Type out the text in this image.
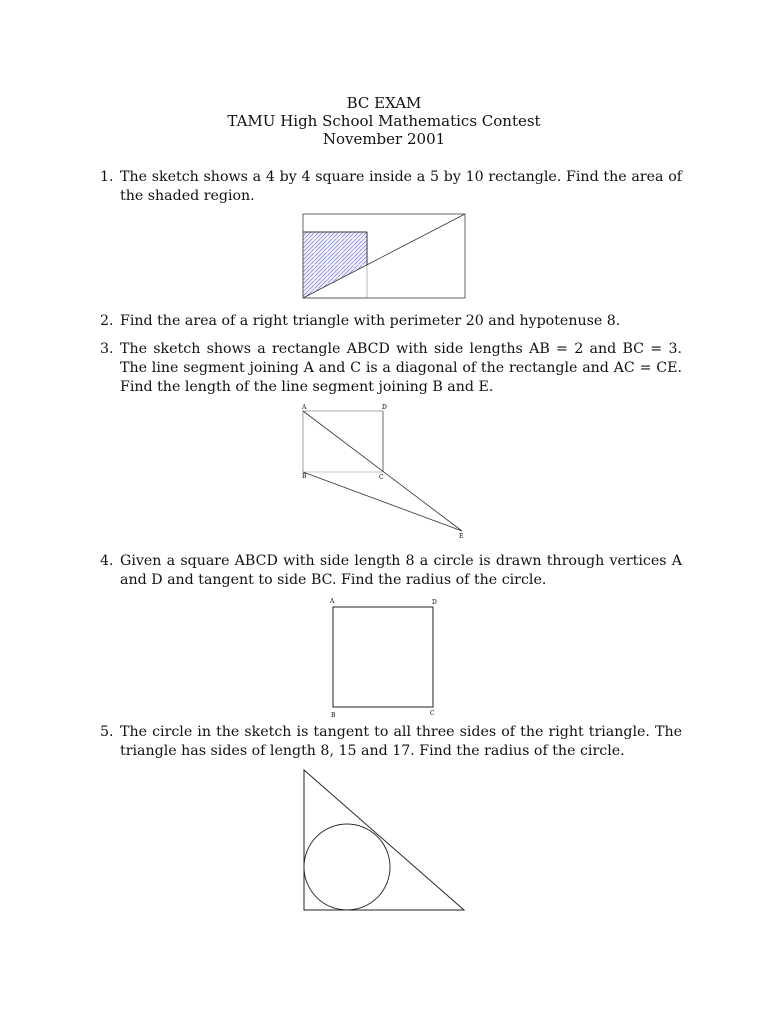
BC EXAM
TAMU High School Mathematics Contest
November 2001
1. The sketch shows a 4 by 4 square inside a 5 by 10 rectangle. Find the area of the shaded region.
2. Find the area of a right triangle with perimeter 20 and hypotenuse 8.
3. The sketch shows a rectangle ABCD with side lengths AB = 2 and BC = 3. The line segment joining A and C is a diagonal of the rectangle and AC = CE. Find the length of the line segment joining B and E.
A	D
B	C
E
4. Given a square ABCD with side length 8 a circle is drawn through vertices A and D and tangent to side BC. Find the radius of the circle.
A	D
B	C
5. The circle in the sketch is tangent to all three sides of the right triangle. The triangle has sides of length 8, 15 and 17. Find the radius of the circle.
